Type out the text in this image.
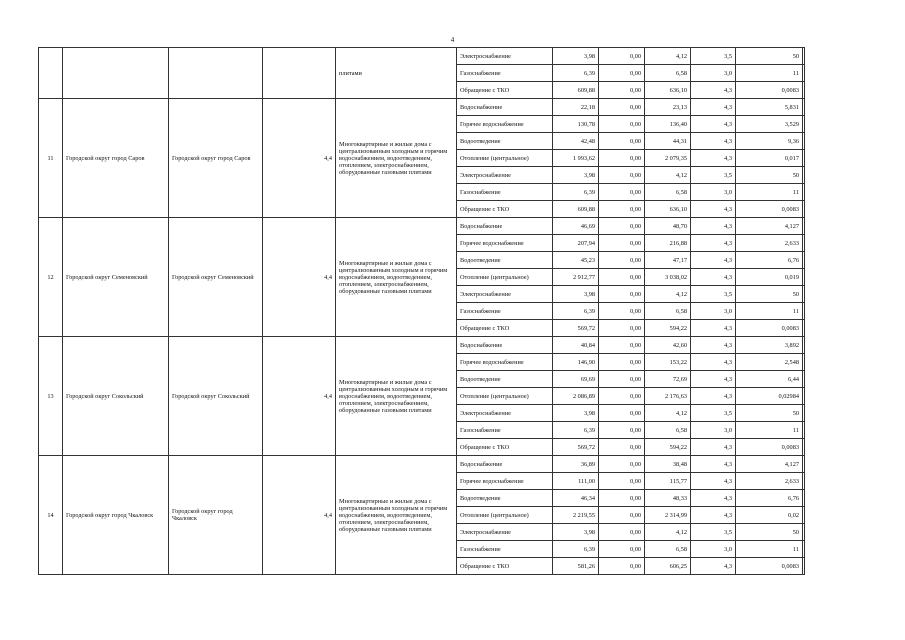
4
				плитами	Электроснабжение	3,98	0,00	4,12	3,5	50	
					Газоснабжение	6,39	0,00	6,58	3,0	11	
					Обращение с ТКО	609,88	0,00	636,10	4,3	0,0083	
11	Городской округ город Саров	Городской округ город Саров	4,4	Многоквартирные и жилые дома с централизованным холодным и горячим водоснабжением, водоотведением, отоплением, электроснабжением, оборудованные газовыми плитами	Водоснабжение	22,18	0,00	23,13	4,3	5,831	
					Горячее водоснабжение	130,78	0,00	136,40	4,3	3,529	
					Водоотведение	42,48	0,00	44,31	4,3	9,36	
					Отопление (центральное)	1 993,62	0,00	2 079,35	4,3	0,017	
					Электроснабжение	3,98	0,00	4,12	3,5	50	
					Газоснабжение	6,39	0,00	6,58	3,0	11	
					Обращение с ТКО	609,88	0,00	636,10	4,3	0,0083	
12	Городской округ Семеновский	Городской округ Семеновский	4,4	Многоквартирные и жилые дома с централизованным холодным и горячим водоснабжением, водоотведением, отоплением, электроснабжением, оборудованные газовыми плитами	Водоснабжение	46,69	0,00	48,70	4,3	4,127	
					Горячее водоснабжение	207,94	0,00	216,88	4,3	2,633	
					Водоотведение	45,23	0,00	47,17	4,3	6,76	
					Отопление (центральное)	2 912,77	0,00	3 038,02	4,3	0,019	
					Электроснабжение	3,98	0,00	4,12	3,5	50	
					Газоснабжение	6,39	0,00	6,58	3,0	11	
					Обращение с ТКО	569,72	0,00	594,22	4,3	0,0083	
13	Городской округ Сокольский	Городской округ Сокольский	4,4	Многоквартирные и жилые дома с централизованным холодным и горячим водоснабжением, водоотведением, отоплением, электроснабжением, оборудованные газовыми плитами	Водоснабжение	40,84	0,00	42,60	4,3	3,892	
					Горячее водоснабжение	146,90	0,00	153,22	4,3	2,548	
					Водоотведение	69,69	0,00	72,69	4,3	6,44	
					Отопление (центральное)	2 086,89	0,00	2 176,63	4,3	0,02984	
					Электроснабжение	3,98	0,00	4,12	3,5	50	
					Газоснабжение	6,39	0,00	6,58	3,0	11	
					Обращение с ТКО	569,72	0,00	594,22	4,3	0,0083	
14	Городской округ город Чкаловск	Городской округ город Чкаловск	4,4	Многоквартирные и жилые дома с централизованным холодным и горячим водоснабжением, водоотведением, отоплением, электроснабжением, оборудованные газовыми плитами	Водоснабжение	36,89	0,00	38,48	4,3	4,127	
					Горячее водоснабжение	111,00	0,00	115,77	4,3	2,633	
					Водоотведение	46,34	0,00	48,33	4,3	6,76	
					Отопление (центральное)	2 219,55	0,00	2 314,99	4,3	0,02	
					Электроснабжение	3,98	0,00	4,12	3,5	50	
					Газоснабжение	6,39	0,00	6,58	3,0	11	
					Обращение с ТКО	581,26	0,00	606,25	4,3	0,0083	
